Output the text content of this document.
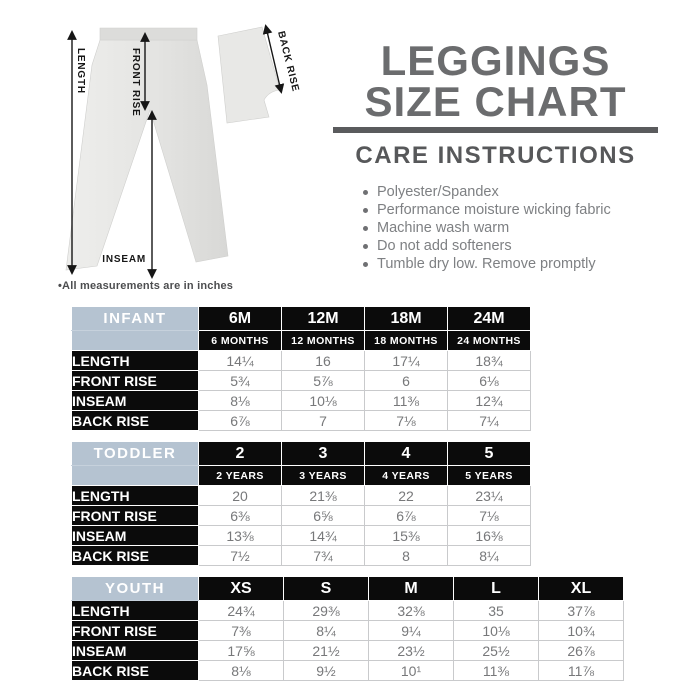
LENGTH	FRONT RISE
INSEAM
BACK RISE
•All measurements are in inches
LEGGINGS
SIZE CHART
CARE INSTRUCTIONS
Polyester/Spandex
Performance moisture wicking fabric
Machine wash warm
Do not add softeners
Tumble dry low. Remove promptly
INFANT	6M	12M	18M	24M
	6 MONTHS	12 MONTHS	18 MONTHS	24 MONTHS
LENGTH	14¼	16	17¼	18¾
FRONT RISE	5¾	5⅞	6	6⅛
INSEAM	8⅛	10⅛	11⅜	12¾
BACK RISE	6⅞	7	7⅛	7¼
TODDLER	2	3	4	5
	2 YEARS	3 YEARS	4 YEARS	5 YEARS
LENGTH	20	21⅜	22	23¼
FRONT RISE	6⅜	6⅝	6⅞	7⅛
INSEAM	13⅜	14¾	15⅜	16⅜
BACK RISE	7½	7¾	8	8¼
YOUTH	XS	S	M	L	XL
LENGTH	24¾	29⅜	32⅜	35	37⅞
FRONT RISE	7⅜	8¼	9¼	10⅛	10¾
INSEAM	17⅝	21½	23½	25½	26⅞
BACK RISE	8⅛	9½	10¹	11⅜	11⅞
